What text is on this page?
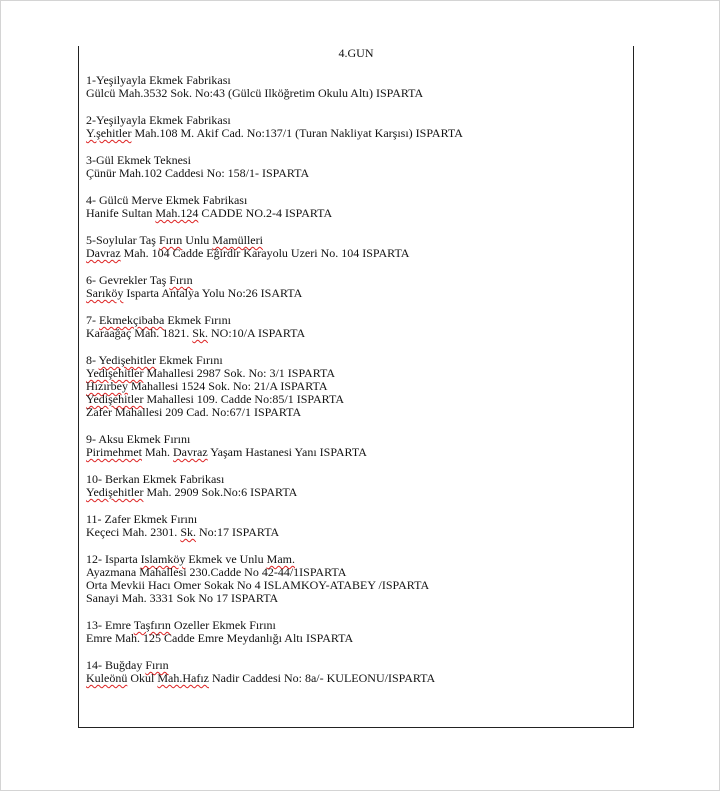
4.GUN
1-Yeşilyayla Ekmek Fabrikası
Gülcü Mah.3532 Sok. No:43 (Gülcü Ilköğretim Okulu Altı) ISPARTA
2-Yeşilyayla Ekmek Fabrikası
Y.şehitler Mah.108 M. Akif Cad. No:137/1 (Turan Nakliyat Karşısı) ISPARTA
3-Gül Ekmek Teknesi
Çünür Mah.102 Caddesi No: 158/1- ISPARTA
4- Gülcü Merve Ekmek Fabrikası
Hanife Sultan Mah.124 CADDE NO.2-4 ISPARTA
5-Soylular Taş Fırın Unlu Mamülleri
Davraz Mah. 104 Cadde Eğirdir Karayolu Uzeri No. 104 ISPARTA
6- Gevrekler Taş Fırın
Sarıköy Isparta Antalya Yolu No:26 ISARTA
7- Ekmekçibaba Ekmek Fırını
Karaağaç Mah. 1821. Sk. NO:10/A ISPARTA
8- Yedişehitler Ekmek Fırını
Yedişehitler Mahallesi 2987 Sok. No: 3/1 ISPARTA
Hızırbey Mahallesi 1524 Sok. No: 21/A ISPARTA
Yedişehitler Mahallesi 109. Cadde No:85/1 ISPARTA
Zafer Mahallesi 209 Cad. No:67/1 ISPARTA
9- Aksu Ekmek Fırını
Pirimehmet Mah. Davraz Yaşam Hastanesi Yanı ISPARTA
10- Berkan Ekmek Fabrikası
Yedişehitler Mah. 2909 Sok.No:6 ISPARTA
11- Zafer Ekmek Fırını
Keçeci Mah. 2301. Sk. No:17 ISPARTA
12- Isparta Islamköy Ekmek ve Unlu Mam.
Ayazmana Mahallesi 230.Cadde No 42-44/1ISPARTA
Orta Mevkii Hacı Omer Sokak No 4 ISLAMKOY-ATABEY /ISPARTA
Sanayi Mah. 3331 Sok No 17 ISPARTA
13- Emre Taşfırın Ozeller Ekmek Fırını
Emre Mah. 125 Cadde Emre Meydanlığı Altı ISPARTA
14- Buğday Fırın
Kuleönü Okul Mah.Hafız Nadir Caddesi No: 8a/- KULEONU/ISPARTA
